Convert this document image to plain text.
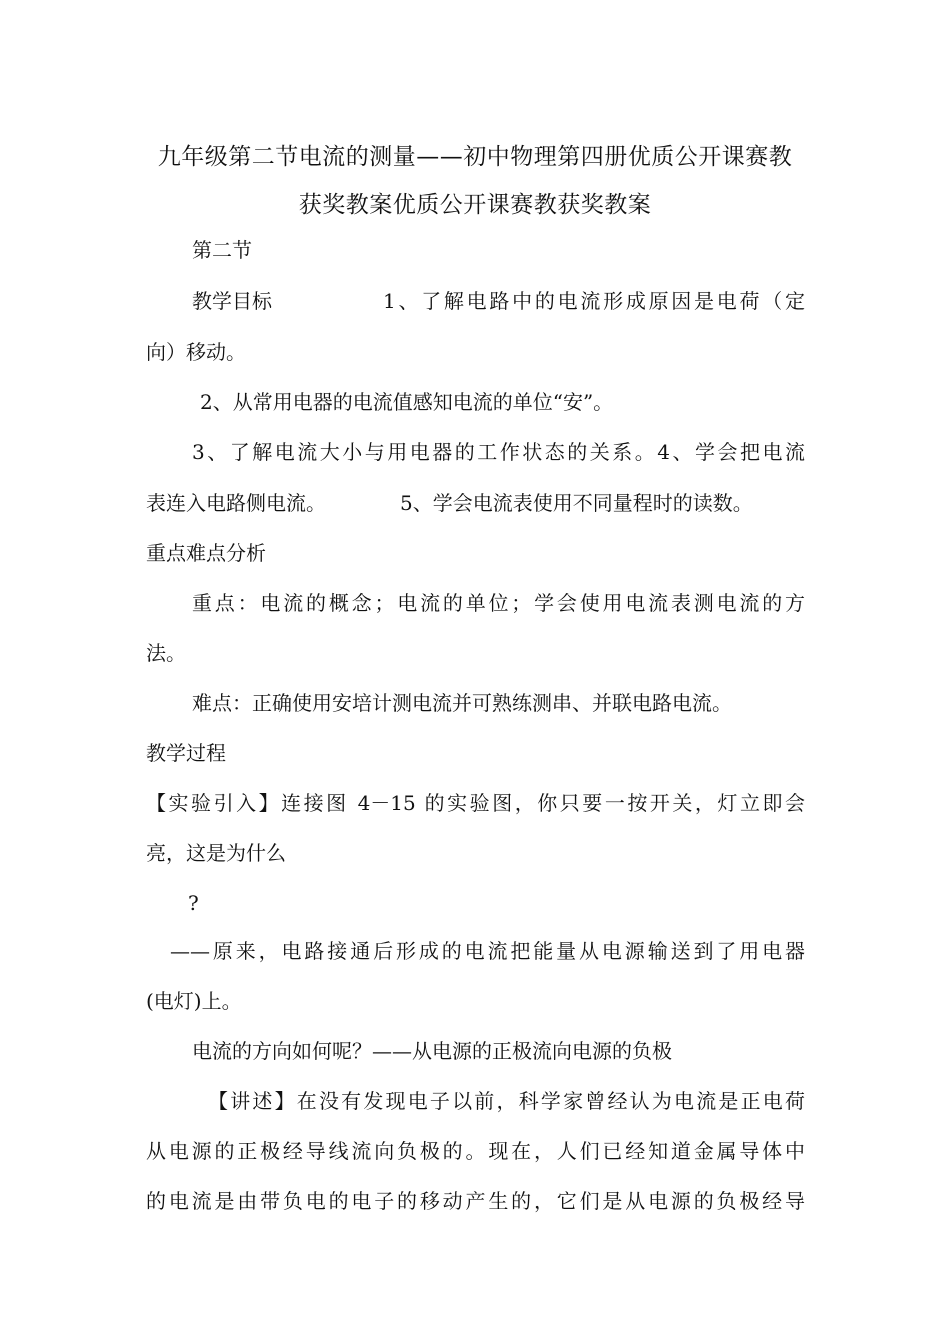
九年级第二节电流的测量——初中物理第四册优质公开课赛教
获奖教案优质公开课赛教获奖教案
第二节
教学目标	1、了解电路中的电流形成原因是电荷（定
向）移动。
2、从常用电器的电流值感知电流的单位“安”。
3、了解电流大小与用电器的工作状态的关系。4、学会把电流
表连入电路侧电流。	5、学会电流表使用不同量程时的读数。
重点难点分析
重点：电流的概念；电流的单位；学会使用电流表测电流的方
法。
难点：正确使用安培计测电流并可熟练测串、并联电路电流。
教学过程
【实验引入】连接图 4－15 的实验图，你只要一按开关，灯立即会
亮，这是为什么
?
——原来，电路接通后形成的电流把能量从电源输送到了用电器
(电灯)上。
电流的方向如何呢？——从电源的正极流向电源的负极
【讲述】在没有发现电子以前，科学家曾经认为电流是正电荷
从电源的正极经导线流向负极的。现在，人们已经知道金属导体中
的电流是由带负电的电子的移动产生的，它们是从电源的负极经导
